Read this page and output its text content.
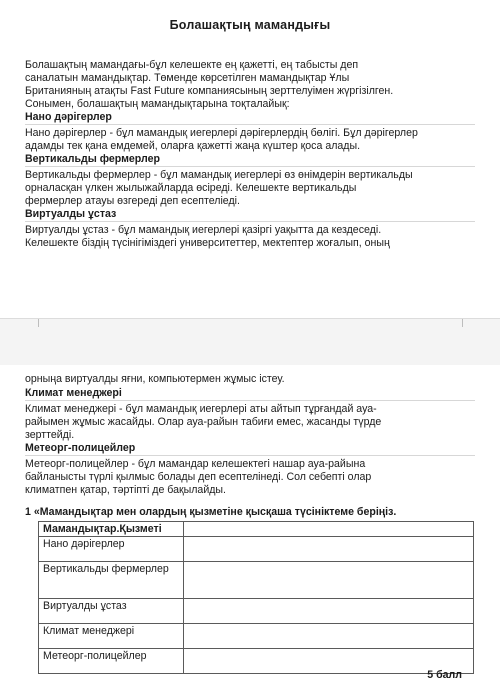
Болашақтың мамандығы
Болашақтың мамандағы-бұл келешекте ең қажетті, ең табысты деп
саналатын мамандықтар. Төменде көрсетілген мамандықтар Ұлы
Британияның атақты Fast Future компаниясының зерттелуімен жүргізілген.
Сонымен, болашақтың мамандықтарына тоқталайық:
Нано дәрігерлер
Нано дәрігерлер - бұл мамандық иегерлері дәрігерлердің бөлігі. Бұл дәрігерлер
адамды тек қана емдемей, оларға қажетті жаңа күштер қоса алады.
Вертикальды фермерлер
Вертикальды фермерлер - бұл мамандық иегерлері өз өнімдерін вертикальды
орналасқан үлкен жылыжайларда өсіреді. Келешекте вертикальды
фермерлер атауы өзгереді деп есептеліеді.
Виртуалды ұстаз
Виртуалды ұстаз - бұл мамандық иегерлері қазіргі уақытта да кездеседі.
Келешекте біздің түсінігіміздегі университеттер, мектептер жоғалып, оның
орныңа виртуалды яғни, компьютермен жұмыс істеу.
Климат менеджері
Климат менеджері - бұл мамандық иегерлері аты айтып тұрғандай ауа-
райымен жұмыс жасайды. Олар ауа-райын табиғи емес, жасанды түрде
зерттейді.
Метеорг-полицейлер
Метеорг-полицейлер - бұл мамандар келешектегі нашар ауа-райына
байланысты түрлі қылмыс болады деп есептелінеді. Сол себепті олар
климатпен қатар, тәртіпті де бақылайды.
1 «Мамандықтар мен олардың қызметіне қысқаша түсініктеме беріңіз.
Мамандықтар.Қызметі	
Нано дәрігерлер	
Вертикальды фермерлер	
Виртуалды ұстаз	
Климат менеджері	
Метеорг-полицейлер	
5 балл
